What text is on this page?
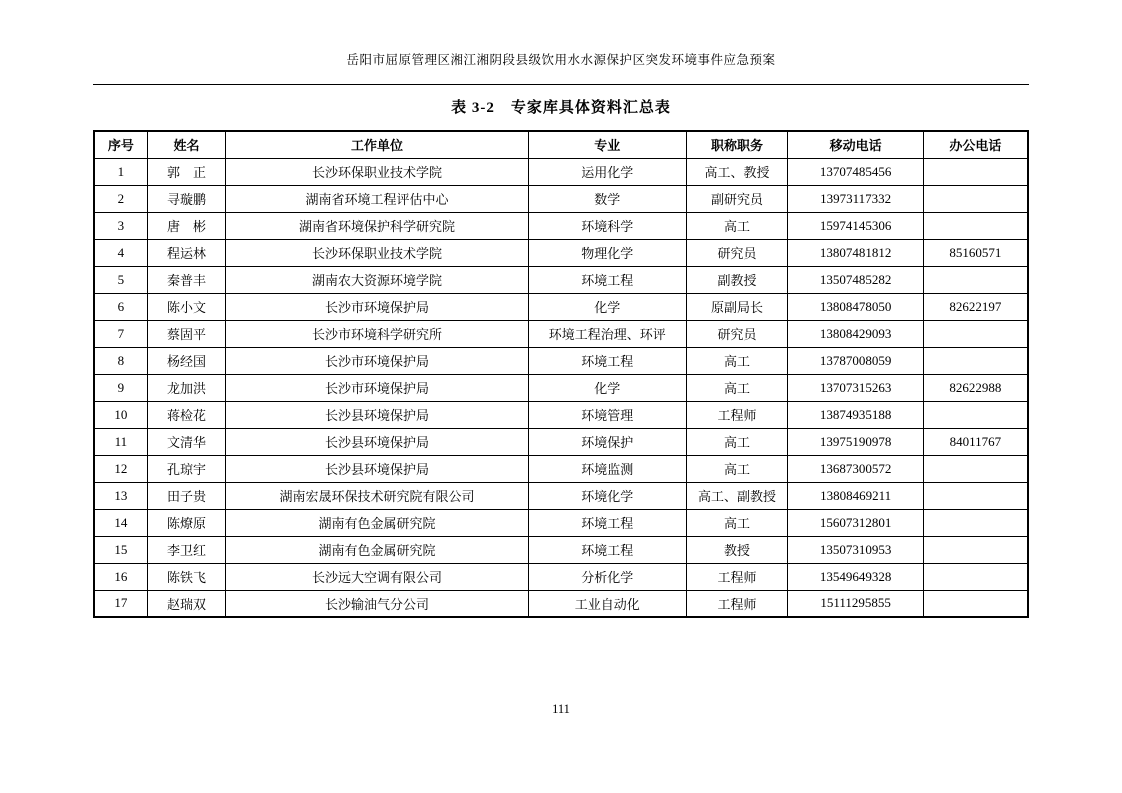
岳阳市屈原管理区湘江湘阴段县级饮用水水源保护区突发环境事件应急预案
表 3-2　专家库具体资料汇总表
序号	姓名	工作单位	专业	职称职务	移动电话	办公电话
1	郭　正	长沙环保职业技术学院	运用化学	高工、教授	13707485456	
2	寻璇鹏	湖南省环境工程评估中心	数学	副研究员	13973117332	
3	唐　彬	湖南省环境保护科学研究院	环境科学	高工	15974145306	
4	程运林	长沙环保职业技术学院	物理化学	研究员	13807481812	85160571
5	秦普丰	湖南农大资源环境学院	环境工程	副教授	13507485282	
6	陈小文	长沙市环境保护局	化学	原副局长	13808478050	82622197
7	蔡固平	长沙市环境科学研究所	环境工程治理、环评	研究员	13808429093	
8	杨经国	长沙市环境保护局	环境工程	高工	13787008059	
9	龙加洪	长沙市环境保护局	化学	高工	13707315263	82622988
10	蒋检花	长沙县环境保护局	环境管理	工程师	13874935188	
11	文清华	长沙县环境保护局	环境保护	高工	13975190978	84011767
12	孔琼宇	长沙县环境保护局	环境监测	高工	13687300572	
13	田子贵	湖南宏晟环保技术研究院有限公司	环境化学	高工、副教授	13808469211	
14	陈燎原	湖南有色金属研究院	环境工程	高工	15607312801	
15	李卫红	湖南有色金属研究院	环境工程	教授	13507310953	
16	陈铁飞	长沙远大空调有限公司	分析化学	工程师	13549649328	
17	赵瑞双	长沙输油气分公司	工业自动化	工程师	15111295855	
111
